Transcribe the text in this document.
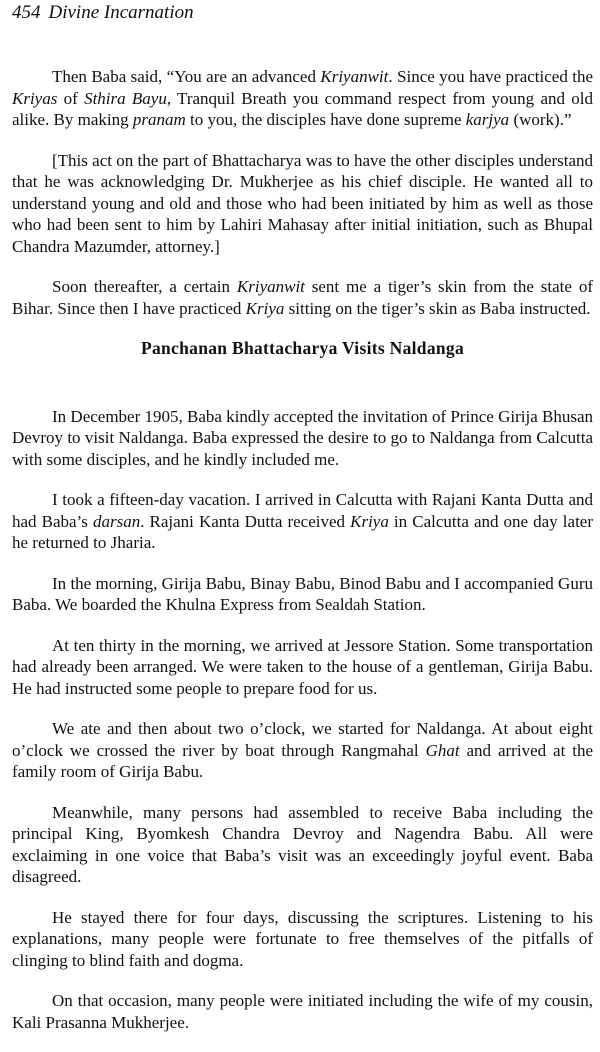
454 Divine Incarnation

Then Baba said, “You are an advanced Kriyanwit. Since you have practiced the Kriyas of Sthira Bayu, Tranquil Breath you command respect from young and old alike. By making pranam to you, the disciples have done supreme karjya (work).”

[This act on the part of Bhattacharya was to have the other disciples understand that he was acknowledging Dr. Mukherjee as his chief disciple. He wanted all to understand young and old and those who had been initiated by him as well as those who had been sent to him by Lahiri Mahasay after initial initiation, such as Bhupal Chandra Mazumder, attorney.]

Soon thereafter, a certain Kriyanwit sent me a tiger’s skin from the state of Bihar. Since then I have practiced Kriya sitting on the tiger’s skin as Baba instructed.

Panchanan Bhattacharya Visits Naldanga

In December 1905, Baba kindly accepted the invitation of Prince Girija Bhusan Devroy to visit Naldanga. Baba expressed the desire to go to Naldanga from Calcutta with some disciples, and he kindly included me.

I took a fifteen-day vacation. I arrived in Calcutta with Rajani Kanta Dutta and had Baba’s darsan. Rajani Kanta Dutta received Kriya in Calcutta and one day later he returned to Jharia.

In the morning, Girija Babu, Binay Babu, Binod Babu and I accompanied Guru Baba. We boarded the Khulna Express from Sealdah Station.

At ten thirty in the morning, we arrived at Jessore Station. Some transportation had already been arranged. We were taken to the house of a gentleman, Girija Babu. He had instructed some people to prepare food for us.

We ate and then about two o’clock, we started for Naldanga. At about eight o’clock we crossed the river by boat through Rangmahal Ghat and arrived at the family room of Girija Babu.

Meanwhile, many persons had assembled to receive Baba including the principal King, Byomkesh Chandra Devroy and Nagendra Babu. All were exclaiming in one voice that Baba’s visit was an exceedingly joyful event. Baba disagreed.

He stayed there for four days, discussing the scriptures. Listening to his explanations, many people were fortunate to free themselves of the pitfalls of clinging to blind faith and dogma.

On that occasion, many people were initiated including the wife of my cousin, Kali Prasanna Mukherjee.
